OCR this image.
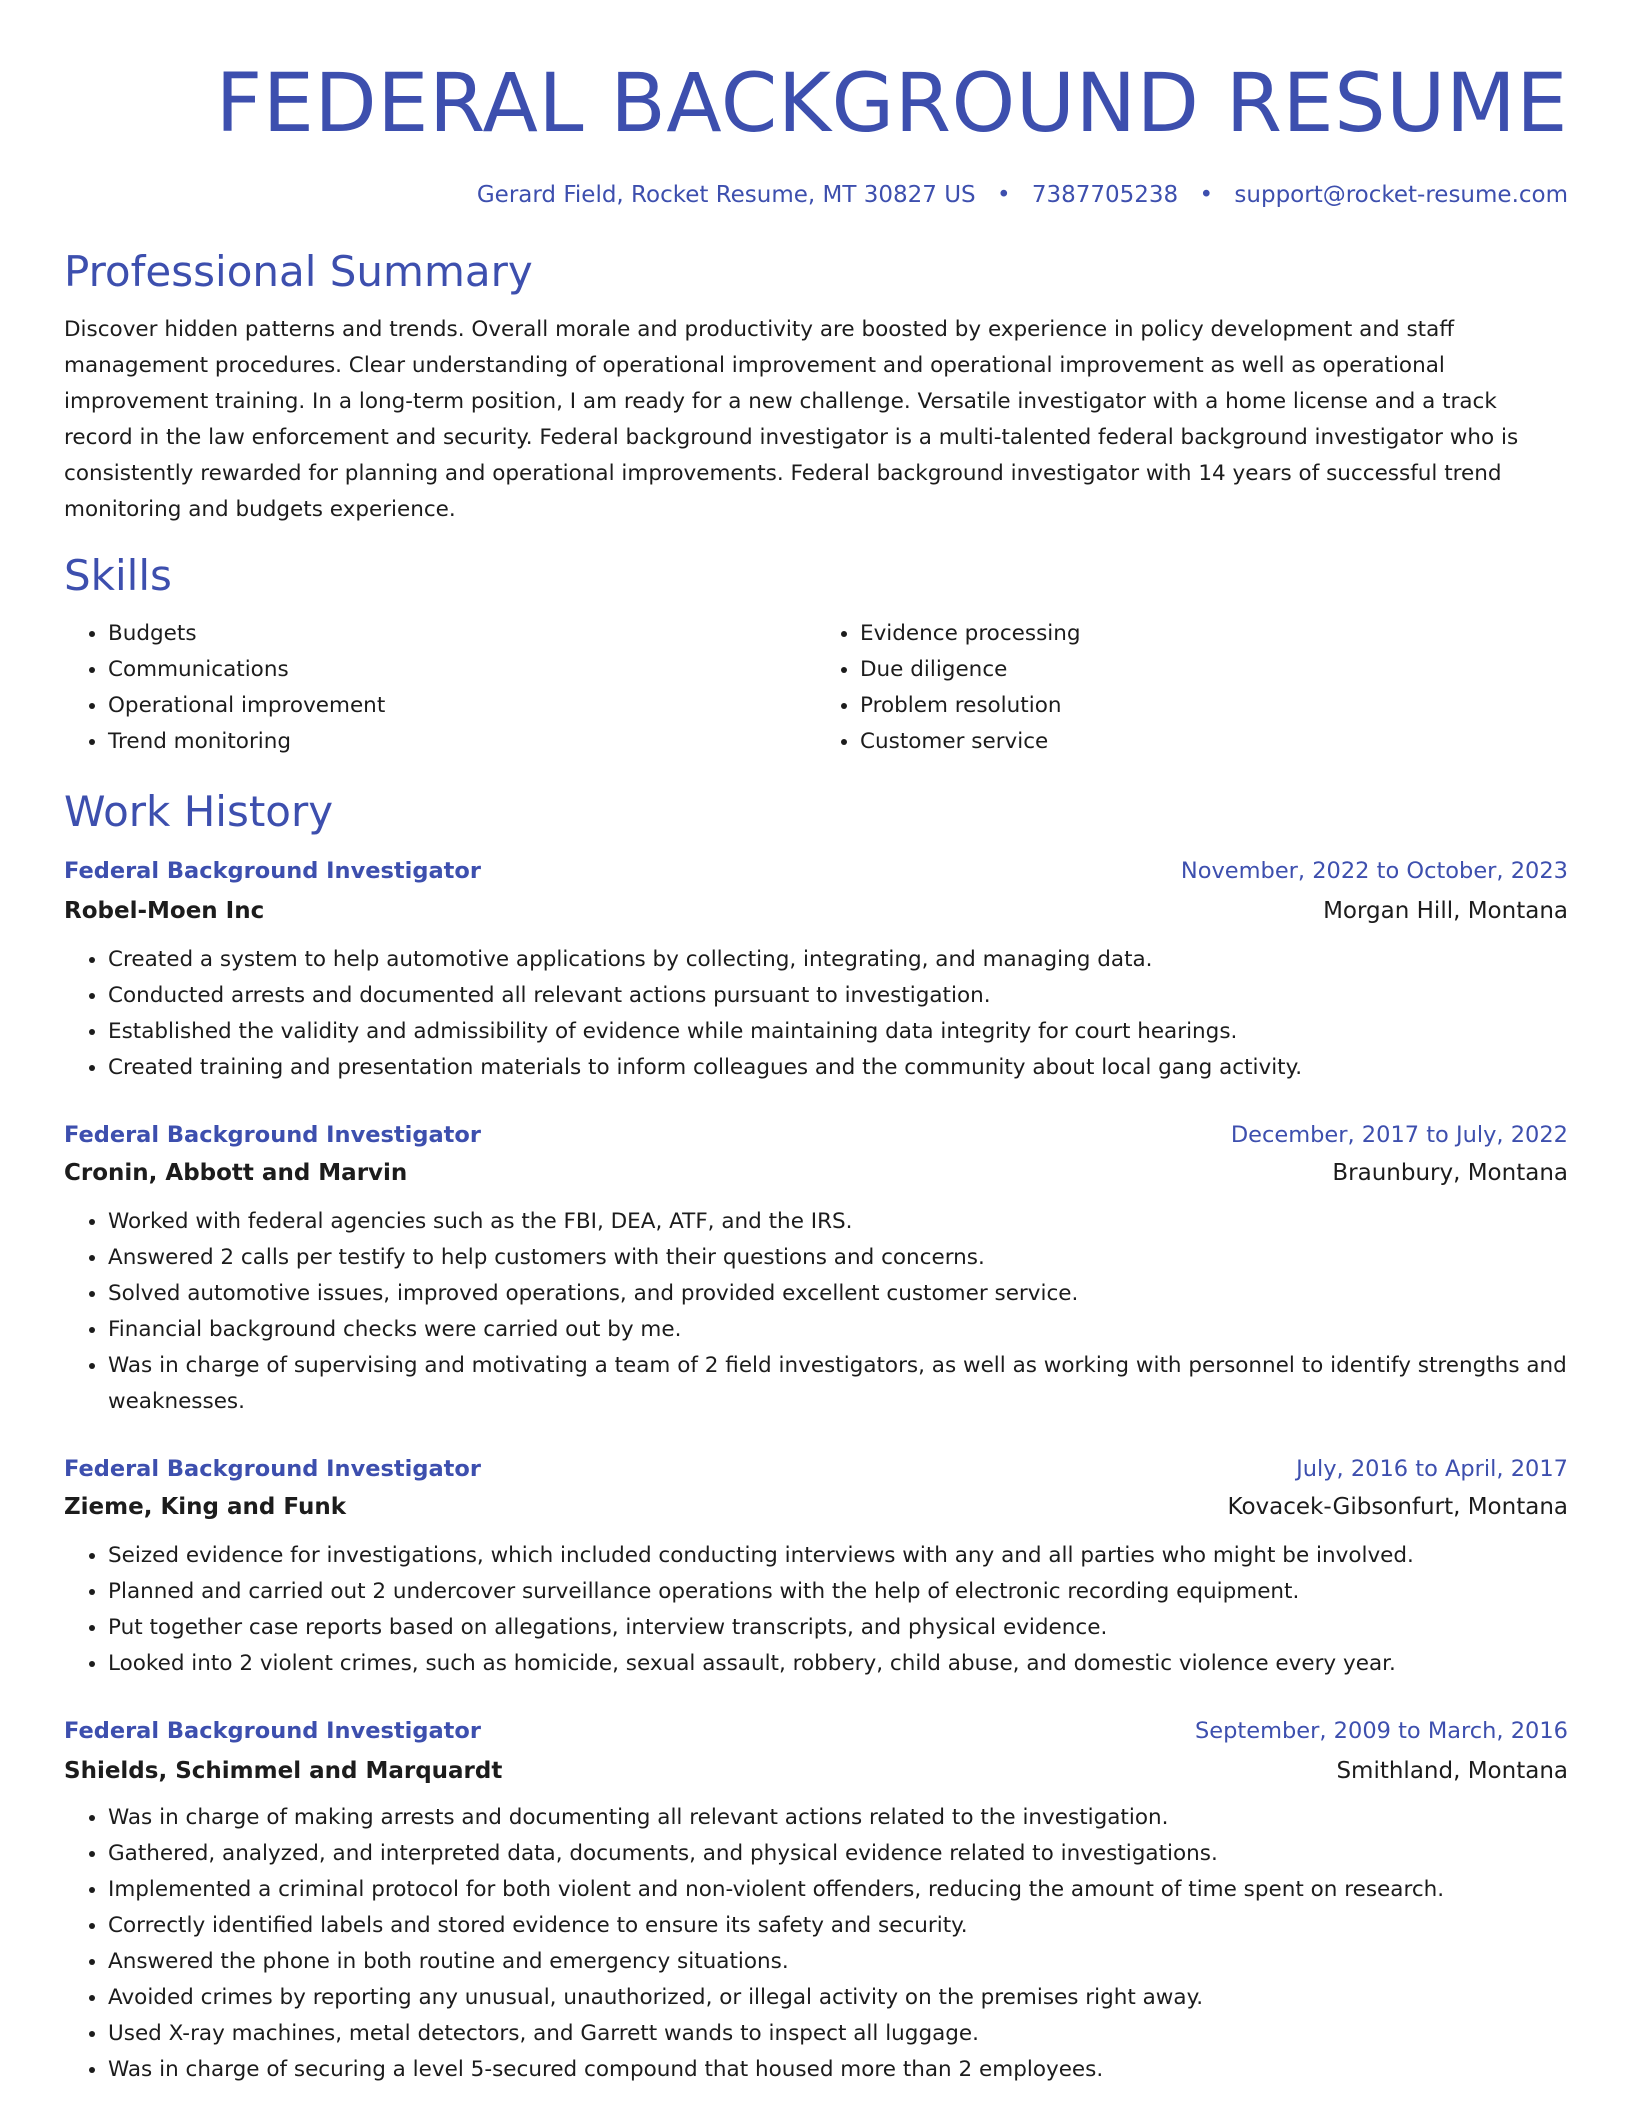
FEDERAL BACKGROUND RESUME
Gerard Field, Rocket Resume, MT 30827 US • 7387705238 • support@rocket-resume.com
Professional Summary

Discover hidden patterns and trends. Overall morale and productivity are boosted by experience in policy development and staff management procedures. Clear understanding of operational improvement and operational improvement as well as operational improvement training. In a long-term position, I am ready for a new challenge. Versatile investigator with a home license and a track record in the law enforcement and security. Federal background investigator is a multi-talented federal background investigator who is consistently rewarded for planning and operational improvements. Federal background investigator with 14 years of successful trend monitoring and budgets experience.

Skills
• Budgets
• Communications
• Operational improvement
• Trend monitoring
• Evidence processing
• Due diligence
• Problem resolution
• Customer service
Work History
Federal Background Investigator	November, 2022 to October, 2023
Robel-Moen Inc	Morgan Hill, Montana
• Created a system to help automotive applications by collecting, integrating, and managing data.
• Conducted arrests and documented all relevant actions pursuant to investigation.
• Established the validity and admissibility of evidence while maintaining data integrity for court hearings.
• Created training and presentation materials to inform colleagues and the community about local gang activity.
Federal Background Investigator	December, 2017 to July, 2022
Cronin, Abbott and Marvin	Braunbury, Montana
• Worked with federal agencies such as the FBI, DEA, ATF, and the IRS.
• Answered 2 calls per testify to help customers with their questions and concerns.
• Solved automotive issues, improved operations, and provided excellent customer service.
• Financial background checks were carried out by me.
• Was in charge of supervising and motivating a team of 2 field investigators, as well as working with personnel to identify strengths and weaknesses.
Federal Background Investigator	July, 2016 to April, 2017
Zieme, King and Funk	Kovacek-Gibsonfurt, Montana
• Seized evidence for investigations, which included conducting interviews with any and all parties who might be involved.
• Planned and carried out 2 undercover surveillance operations with the help of electronic recording equipment.
• Put together case reports based on allegations, interview transcripts, and physical evidence.
• Looked into 2 violent crimes, such as homicide, sexual assault, robbery, child abuse, and domestic violence every year.
Federal Background Investigator	September, 2009 to March, 2016
Shields, Schimmel and Marquardt	Smithland, Montana
• Was in charge of making arrests and documenting all relevant actions related to the investigation.
• Gathered, analyzed, and interpreted data, documents, and physical evidence related to investigations.
• Implemented a criminal protocol for both violent and non-violent offenders, reducing the amount of time spent on research.
• Correctly identified labels and stored evidence to ensure its safety and security.
• Answered the phone in both routine and emergency situations.
• Avoided crimes by reporting any unusual, unauthorized, or illegal activity on the premises right away.
• Used X-ray machines, metal detectors, and Garrett wands to inspect all luggage.
• Was in charge of securing a level 5-secured compound that housed more than 2 employees.
